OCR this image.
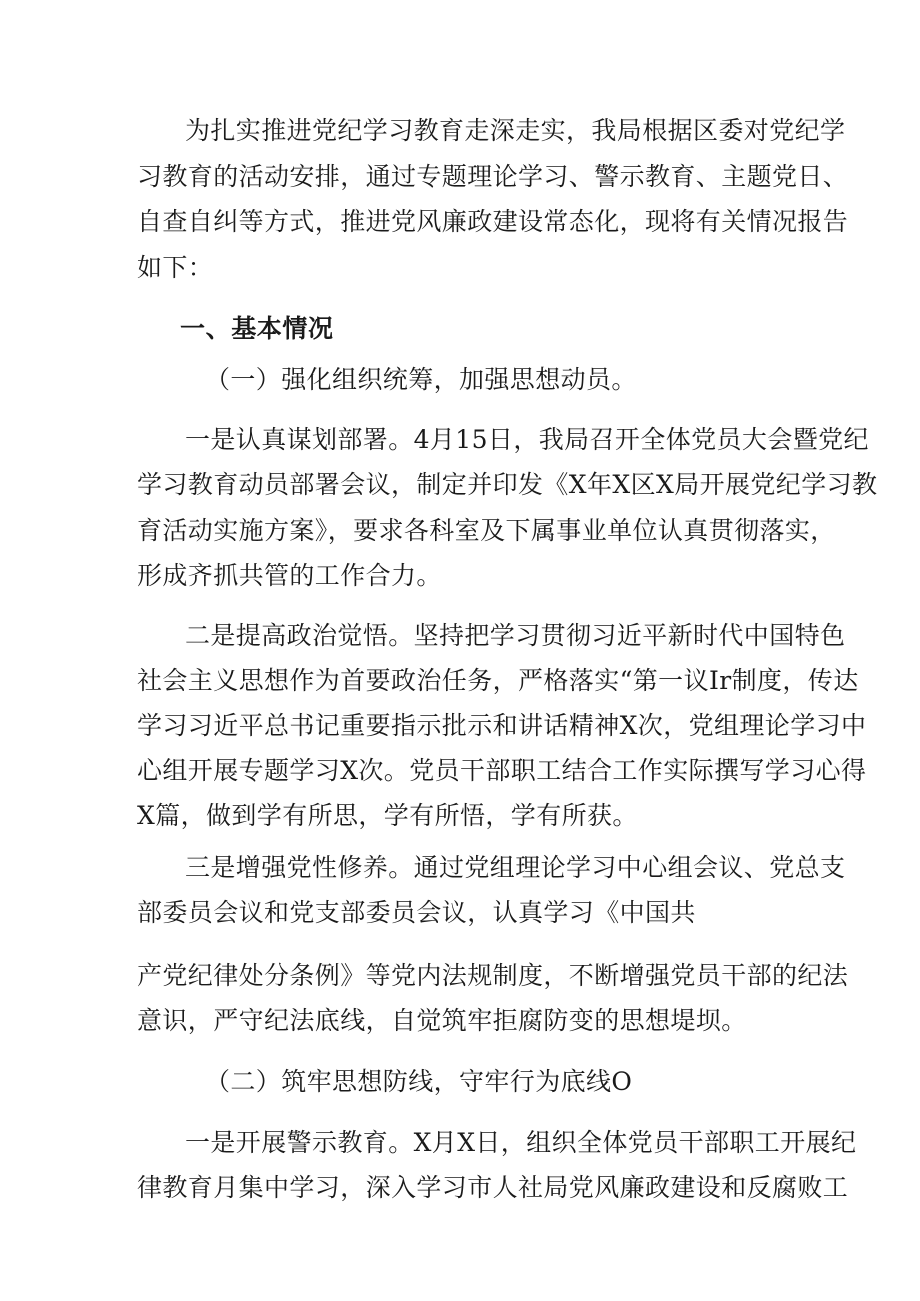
为扎实推进党纪学习教育走深走实，我局根据区委对党纪学
习教育的活动安排，通过专题理论学习、警示教育、主题党日、
自查自纠等方式，推进党风廉政建设常态化，现将有关情况报告
如下：
一、基本情况
（一）强化组织统筹，加强思想动员。
一是认真谋划部署。4月15日，我局召开全体党员大会暨党纪
学习教育动员部署会议，制定并印发《X年X区X局开展党纪学习教
育活动实施方案》，要求各科室及下属事业单位认真贯彻落实，
形成齐抓共管的工作合力。
二是提高政治觉悟。坚持把学习贯彻习近平新时代中国特色
社会主义思想作为首要政治任务，严格落实“第一议Ir制度，传达
学习习近平总书记重要指示批示和讲话精神X次，党组理论学习中
心组开展专题学习X次。党员干部职工结合工作实际撰写学习心得
X篇，做到学有所思，学有所悟，学有所获。
三是增强党性修养。通过党组理论学习中心组会议、党总支
部委员会议和党支部委员会议，认真学习《中国共
产党纪律处分条例》等党内法规制度，不断增强党员干部的纪法
意识，严守纪法底线，自觉筑牢拒腐防变的思想堤坝。
（二）筑牢思想防线，守牢行为底线O
一是开展警示教育。X月X日，组织全体党员干部职工开展纪
律教育月集中学习，深入学习市人社局党风廉政建设和反腐败工
